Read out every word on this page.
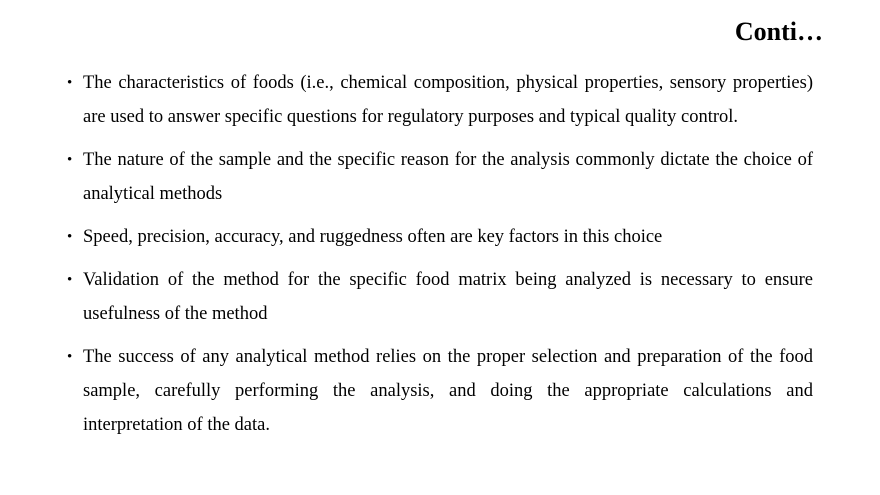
Conti…
• The characteristics of foods (i.e., chemical composition, physical properties, sensory properties) are used to answer specific questions for regulatory purposes and typical quality control.
• The nature of the sample and the specific reason for the analysis commonly dictate the choice of analytical methods
• Speed, precision, accuracy, and ruggedness often are key factors in this choice
• Validation of the method for the specific food matrix being analyzed is necessary to ensure usefulness of the method
• The success of any analytical method relies on the proper selection and preparation of the food sample, carefully performing the analysis, and doing the appropriate calculations and interpretation of the data.
